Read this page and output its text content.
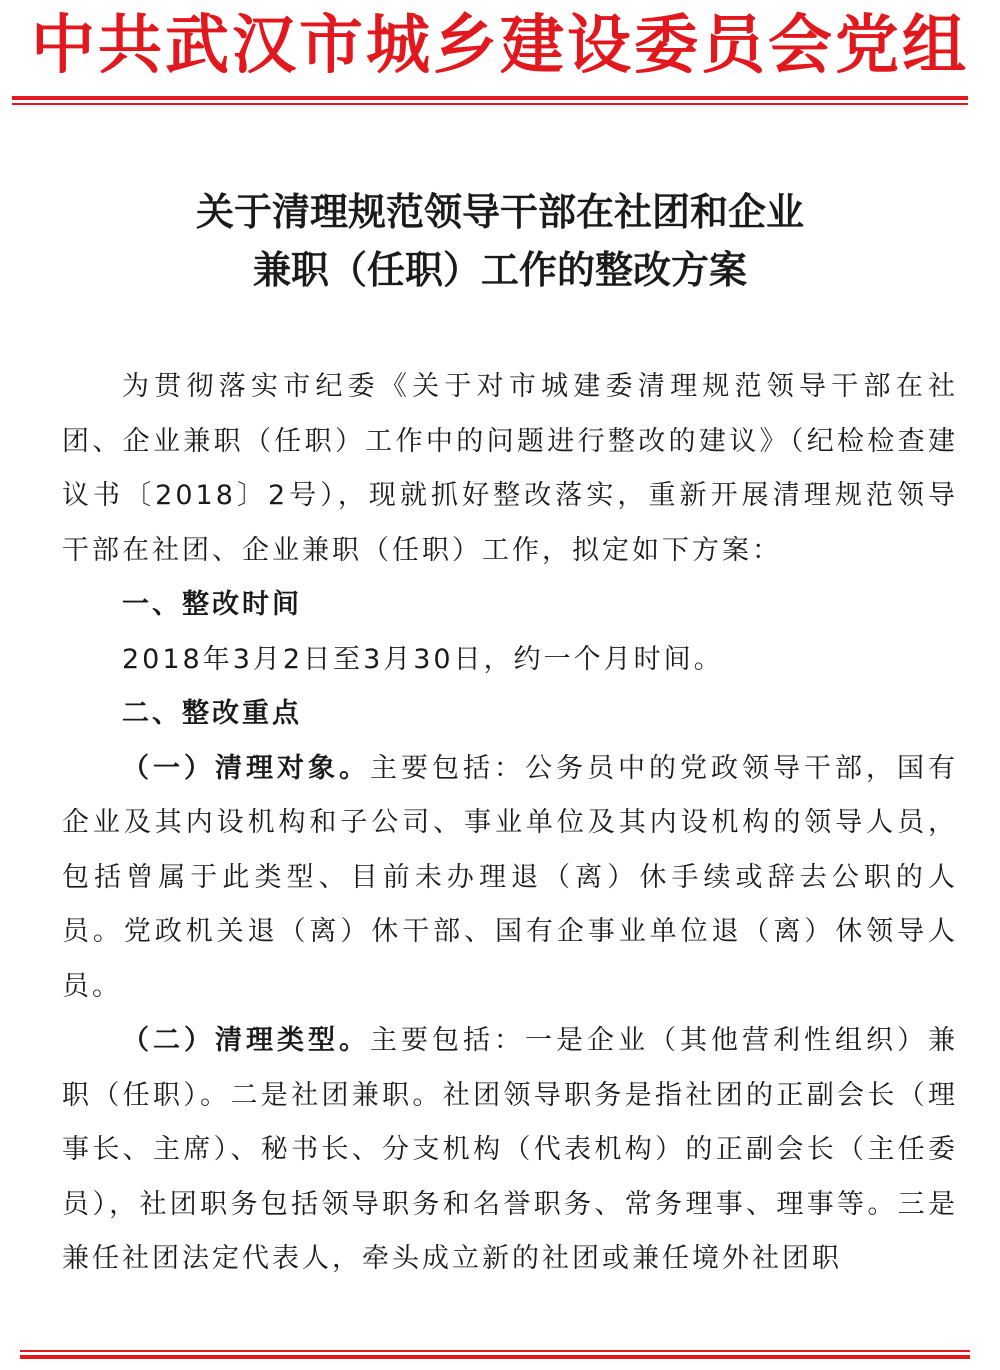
中共武汉市城乡建设委员会党组
关于清理规范领导干部在社团和企业
兼职（任职）工作的整改方案

为贯彻落实市纪委《关于对市城建委清理规范领导干部在社团、企业兼职（任职）工作中的问题进行整改的建议》（纪检检查建议书〔2018〕2号），现就抓好整改落实，重新开展清理规范领导干部在社团、企业兼职（任职）工作，拟定如下方案：

一、整改时间

2018年3月2日至3月30日，约一个月时间。

二、整改重点

（一）清理对象。主要包括：公务员中的党政领导干部，国有企业及其内设机构和子公司、事业单位及其内设机构的领导人员，包括曾属于此类型、目前未办理退（离）休手续或辞去公职的人员。党政机关退（离）休干部、国有企事业单位退（离）休领导人员。

（二）清理类型。主要包括：一是企业（其他营利性组织）兼职（任职）。二是社团兼职。社团领导职务是指社团的正副会长（理事长、主席）、秘书长、分支机构（代表机构）的正副会长（主任委员），社团职务包括领导职务和名誉职务、常务理事、理事等。三是兼任社团法定代表人，牵头成立新的社团或兼任境外社团职
